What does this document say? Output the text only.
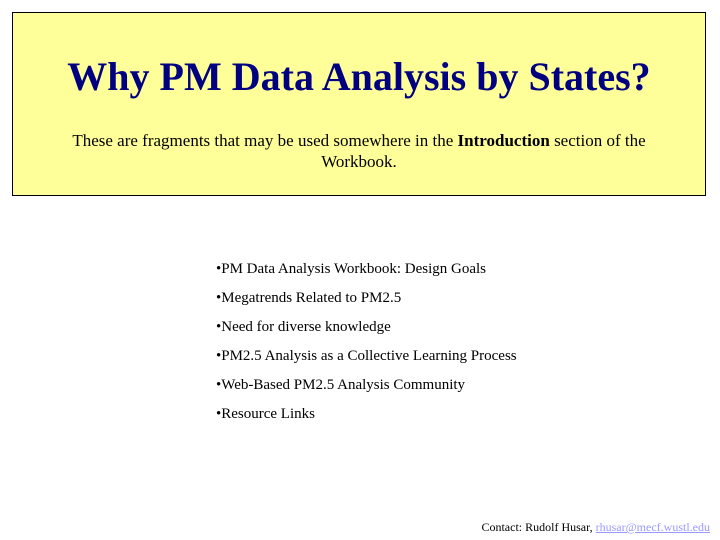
Why PM Data Analysis by States?
These are fragments that may be used somewhere in the Introduction section of the Workbook.
•PM Data Analysis Workbook: Design Goals
•Megatrends Related to PM2.5
•Need for diverse knowledge
•PM2.5 Analysis as a Collective Learning Process
•Web-Based PM2.5 Analysis Community
•Resource Links
Contact: Rudolf Husar, rhusar@mecf.wustl.edu
